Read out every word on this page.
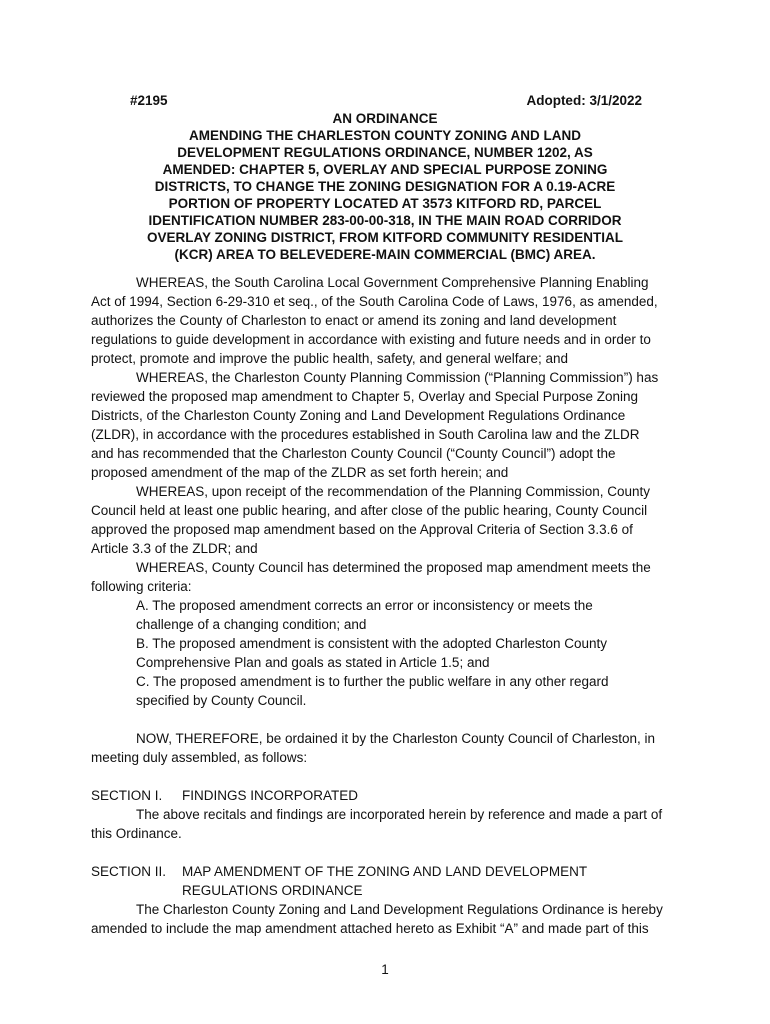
#2195	Adopted: 3/1/2022
AN ORDINANCE
AMENDING THE CHARLESTON COUNTY ZONING AND LAND
DEVELOPMENT REGULATIONS ORDINANCE, NUMBER 1202, AS
AMENDED: CHAPTER 5, OVERLAY AND SPECIAL PURPOSE ZONING
DISTRICTS, TO CHANGE THE ZONING DESIGNATION FOR A 0.19-ACRE
PORTION OF PROPERTY LOCATED AT 3573 KITFORD RD, PARCEL
IDENTIFICATION NUMBER 283-00-00-318, IN THE MAIN ROAD CORRIDOR
OVERLAY ZONING DISTRICT, FROM KITFORD COMMUNITY RESIDENTIAL
(KCR) AREA TO BELEVEDERE-MAIN COMMERCIAL (BMC) AREA.
WHEREAS, the South Carolina Local Government Comprehensive Planning Enabling
Act of 1994, Section 6-29-310 et seq., of the South Carolina Code of Laws, 1976, as amended,
authorizes the County of Charleston to enact or amend its zoning and land development
regulations to guide development in accordance with existing and future needs and in order to
protect, promote and improve the public health, safety, and general welfare; and
WHEREAS, the Charleston County Planning Commission (“Planning Commission”) has
reviewed the proposed map amendment to Chapter 5, Overlay and Special Purpose Zoning
Districts, of the Charleston County Zoning and Land Development Regulations Ordinance
(ZLDR), in accordance with the procedures established in South Carolina law and the ZLDR
and has recommended that the Charleston County Council (“County Council”) adopt the
proposed amendment of the map of the ZLDR as set forth herein; and
WHEREAS, upon receipt of the recommendation of the Planning Commission, County
Council held at least one public hearing, and after close of the public hearing, County Council
approved the proposed map amendment based on the Approval Criteria of Section 3.3.6 of
Article 3.3 of the ZLDR; and
WHEREAS, County Council has determined the proposed map amendment meets the
following criteria:
A. The proposed amendment corrects an error or inconsistency or meets the
challenge of a changing condition; and
B. The proposed amendment is consistent with the adopted Charleston County
Comprehensive Plan and goals as stated in Article 1.5; and
C. The proposed amendment is to further the public welfare in any other regard
specified by County Council.
NOW, THEREFORE, be ordained it by the Charleston County Council of Charleston, in
meeting duly assembled, as follows:
SECTION I.	FINDINGS INCORPORATED
The above recitals and findings are incorporated herein by reference and made a part of
this Ordinance.
SECTION II.	MAP AMENDMENT OF THE ZONING AND LAND DEVELOPMENT
REGULATIONS ORDINANCE
The Charleston County Zoning and Land Development Regulations Ordinance is hereby
amended to include the map amendment attached hereto as Exhibit “A” and made part of this
1
